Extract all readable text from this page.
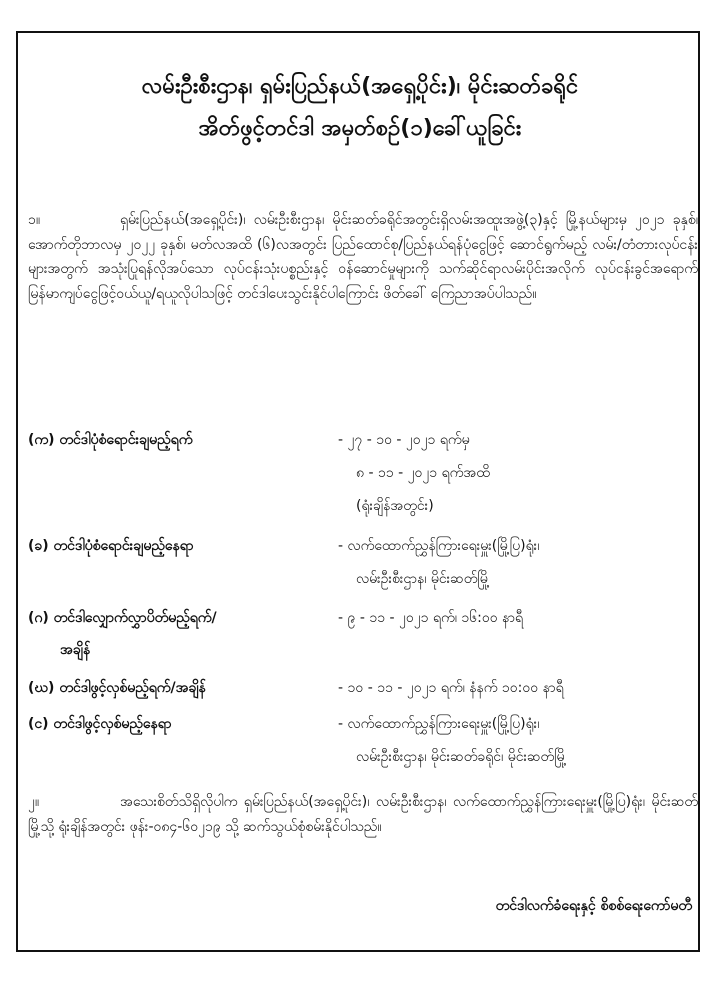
လမ်းဦးစီးဌာန၊ ရှမ်းပြည်နယ်(အရှေ့ပိုင်း)၊ မိုင်းဆတ်ခရိုင်
အိတ်ဖွင့်တင်ဒါ အမှတ်စဉ်(၁)ခေါ်ယူခြင်း
၁။	ရှမ်းပြည်နယ်(အရှေ့ပိုင်း)၊ လမ်းဦးစီးဌာန၊ မိုင်းဆတ်ခရိုင်အတွင်းရှိလမ်းအထူးအဖွဲ့(၃)နှင့် မြို့နယ်များမှ ၂၀၂၁ ခုနှစ်၊ အောက်တိုဘာလမှ ၂၀၂၂ ခုနှစ်၊ မတ်လအထိ (၆)လအတွင်း ပြည်ထောင်စု/ပြည်နယ်ရန်ပုံငွေဖြင့် ဆောင်ရွက်မည့် လမ်း/တံတားလုပ်ငန်းများအတွက် အသုံးပြုရန်လိုအပ်သော လုပ်ငန်းသုံးပစ္စည်းနှင့် ဝန်ဆောင်မှုများကို သက်ဆိုင်ရာလမ်းပိုင်းအလိုက် လုပ်ငန်းခွင်အရောက် မြန်မာကျပ်ငွေဖြင့်ဝယ်ယူ/ရယူလိုပါသဖြင့် တင်ဒါပေးသွင်းနိုင်ပါကြောင်း ဖိတ်ခေါ် ကြေညာအပ်ပါသည်။
(က) တင်ဒါပုံစံရောင်းချမည့်ရက်	- ၂၇ - ၁၀ - ၂၀၂၁ ရက်မှ
၈ - ၁၁ - ၂၀၂၁ ရက်အထိ
(ရုံးချိန်အတွင်း)
(ခ) တင်ဒါပုံစံရောင်းချမည့်နေရာ	- လက်ထောက်ညွှန်ကြားရေးမှူး(မြို့ပြ)ရုံး၊
လမ်းဦးစီးဌာန၊ မိုင်းဆတ်မြို့
(ဂ) တင်ဒါလျှောက်လွှာပိတ်မည့်ရက်/	- ၉ - ၁၁ - ၂၀၂၁ ရက်၊ ၁၆:၀၀ နာရီ
အချိန်
(ဃ) တင်ဒါဖွင့်လှစ်မည့်ရက်/အချိန်	- ၁၀ - ၁၁ - ၂၀၂၁ ရက်၊ နံနက် ၁၀:၀၀ နာရီ
(င) တင်ဒါဖွင့်လှစ်မည့်နေရာ	- လက်ထောက်ညွှန်ကြားရေးမှူး(မြို့ပြ)ရုံး၊
လမ်းဦးစီးဌာန၊ မိုင်းဆတ်ခရိုင်၊ မိုင်းဆတ်မြို့
၂။	အသေးစိတ်သိရှိလိုပါက ရှမ်းပြည်နယ်(အရှေ့ပိုင်း)၊ လမ်းဦးစီးဌာန၊ လက်ထောက်ညွှန်ကြားရေးမှူး(မြို့ပြ)ရုံး၊ မိုင်းဆတ်မြို့သို့ ရုံးချိန်အတွင်း ဖုန်း-၀၈၄-၆၀၂၁၉ သို့ ဆက်သွယ်စုံစမ်းနိုင်ပါသည်။
တင်ဒါလက်ခံရေးနှင့် စိစစ်ရေးကော်မတီ
